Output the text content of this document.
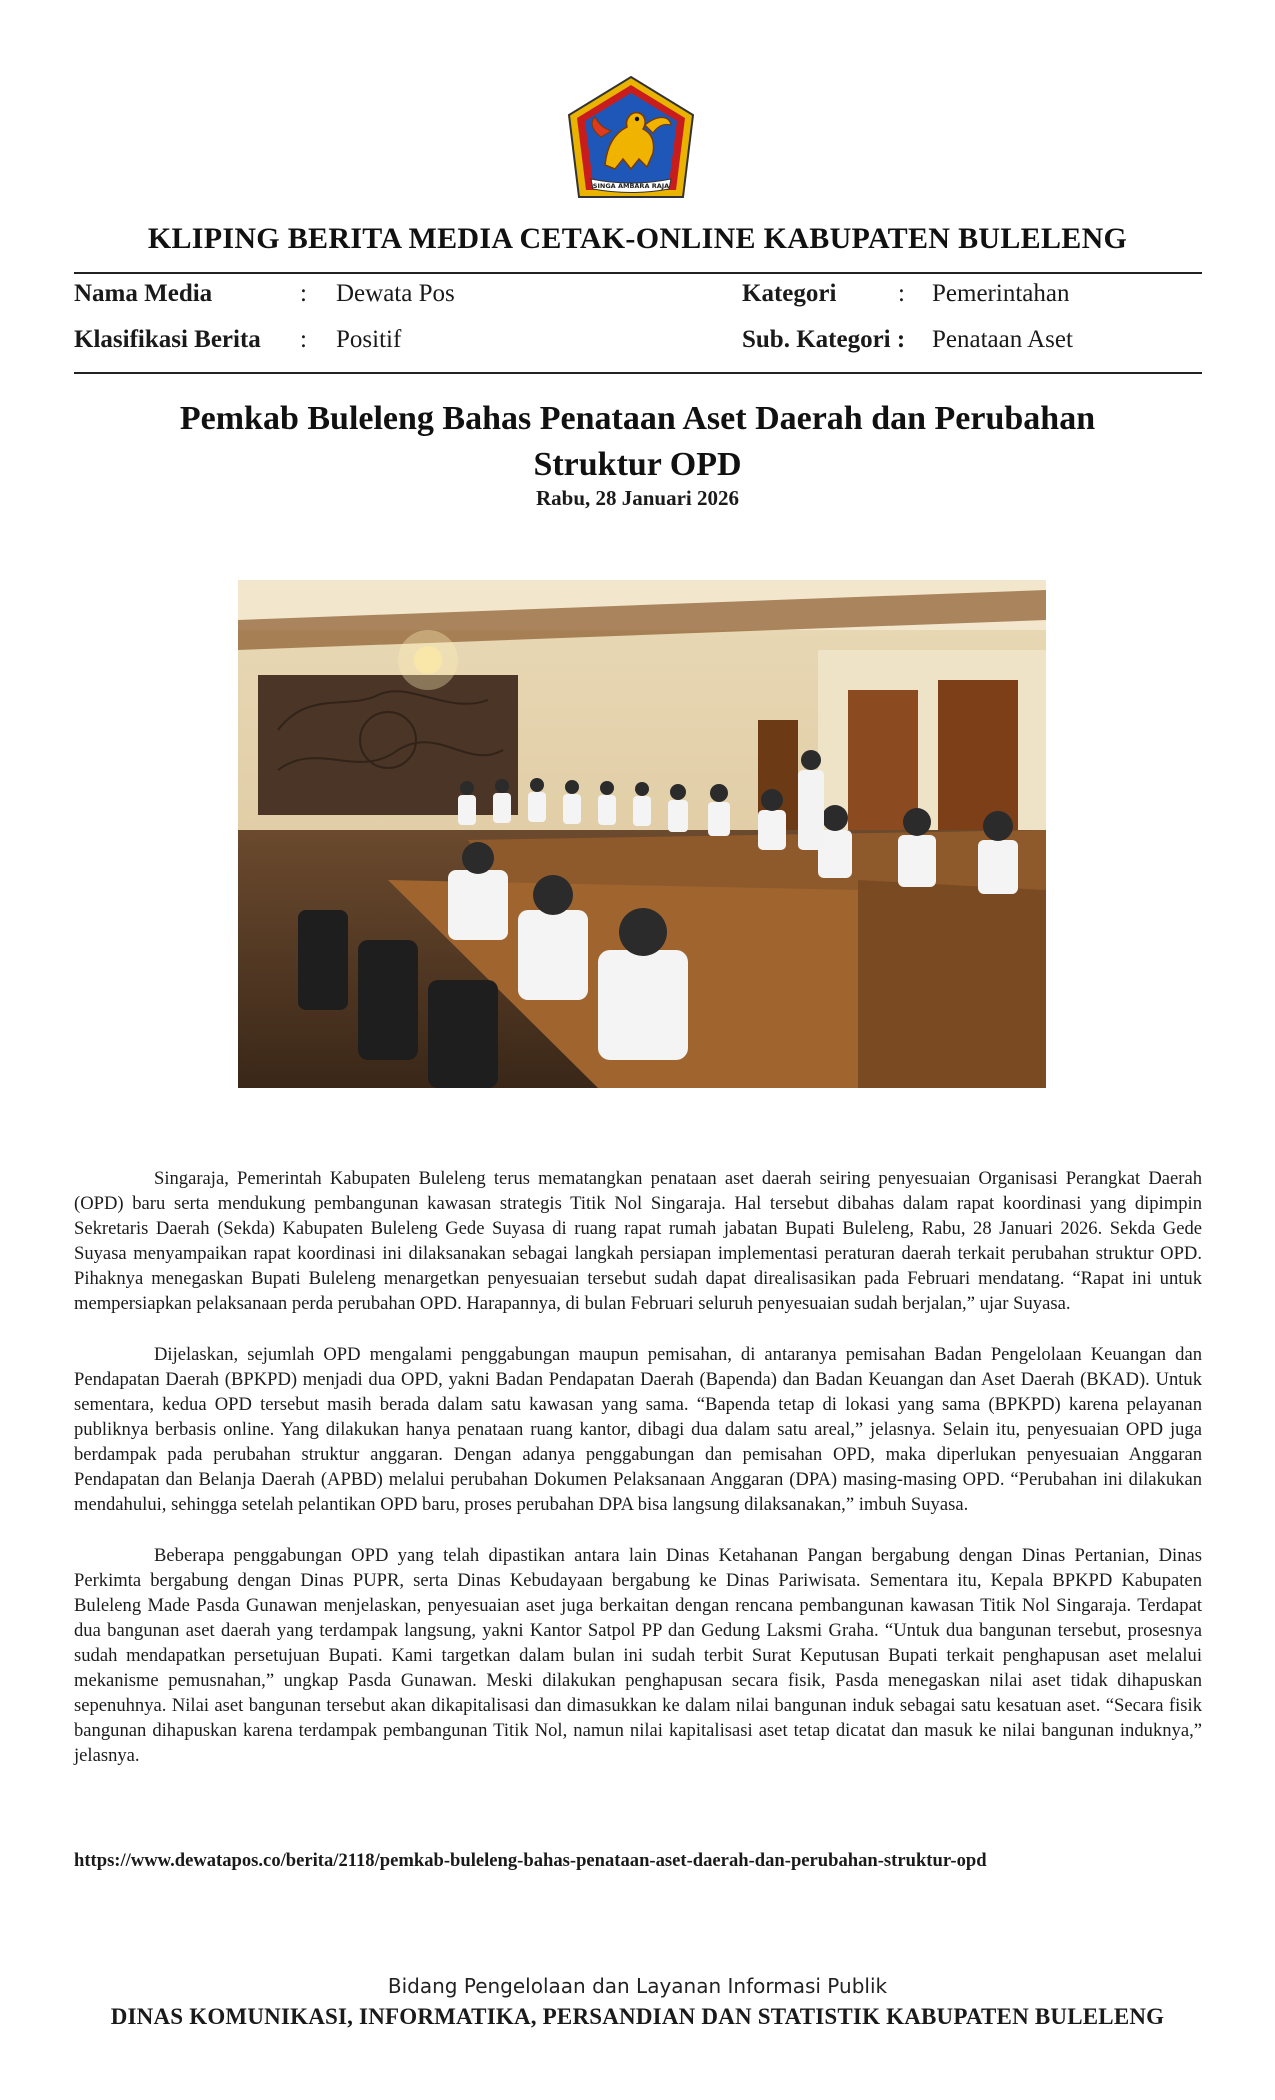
SINGA AMBARA RAJA
KLIPING BERITA MEDIA CETAK-ONLINE KABUPATEN BULELENG
Nama Media	: Dewata Pos	Kategori : Pemerintahan
Klasifikasi Berita : Positif	Sub. Kategori : Penataan Aset
Pemkab Buleleng Bahas Penataan Aset Daerah dan Perubahan
Struktur OPD
Rabu, 28 Januari 2026

Singaraja, Pemerintah Kabupaten Buleleng terus mematangkan penataan aset daerah seiring penyesuaian Organisasi Perangkat Daerah (OPD) baru serta mendukung pembangunan kawasan strategis Titik Nol Singaraja. Hal tersebut dibahas dalam rapat koordinasi yang dipimpin Sekretaris Daerah (Sekda) Kabupaten Buleleng Gede Suyasa di ruang rapat rumah jabatan Bupati Buleleng, Rabu, 28 Januari 2026. Sekda Gede Suyasa menyampaikan rapat koordinasi ini dilaksanakan sebagai langkah persiapan implementasi peraturan daerah terkait perubahan struktur OPD. Pihaknya menegaskan Bupati Buleleng menargetkan penyesuaian tersebut sudah dapat direalisasikan pada Februari mendatang. “Rapat ini untuk mempersiapkan pelaksanaan perda perubahan OPD. Harapannya, di bulan Februari seluruh penyesuaian sudah berjalan,” ujar Suyasa.

Dijelaskan, sejumlah OPD mengalami penggabungan maupun pemisahan, di antaranya pemisahan Badan Pengelolaan Keuangan dan Pendapatan Daerah (BPKPD) menjadi dua OPD, yakni Badan Pendapatan Daerah (Bapenda) dan Badan Keuangan dan Aset Daerah (BKAD). Untuk sementara, kedua OPD tersebut masih berada dalam satu kawasan yang sama. “Bapenda tetap di lokasi yang sama (BPKPD) karena pelayanan publiknya berbasis online. Yang dilakukan hanya penataan ruang kantor, dibagi dua dalam satu areal,” jelasnya. Selain itu, penyesuaian OPD juga berdampak pada perubahan struktur anggaran. Dengan adanya penggabungan dan pemisahan OPD, maka diperlukan penyesuaian Anggaran Pendapatan dan Belanja Daerah (APBD) melalui perubahan Dokumen Pelaksanaan Anggaran (DPA) masing-masing OPD. “Perubahan ini dilakukan mendahului, sehingga setelah pelantikan OPD baru, proses perubahan DPA bisa langsung dilaksanakan,” imbuh Suyasa.

Beberapa penggabungan OPD yang telah dipastikan antara lain Dinas Ketahanan Pangan bergabung dengan Dinas Pertanian, Dinas Perkimta bergabung dengan Dinas PUPR, serta Dinas Kebudayaan bergabung ke Dinas Pariwisata. Sementara itu, Kepala BPKPD Kabupaten Buleleng Made Pasda Gunawan menjelaskan, penyesuaian aset juga berkaitan dengan rencana pembangunan kawasan Titik Nol Singaraja. Terdapat dua bangunan aset daerah yang terdampak langsung, yakni Kantor Satpol PP dan Gedung Laksmi Graha. “Untuk dua bangunan tersebut, prosesnya sudah mendapatkan persetujuan Bupati. Kami targetkan dalam bulan ini sudah terbit Surat Keputusan Bupati terkait penghapusan aset melalui mekanisme pemusnahan,” ungkap Pasda Gunawan. Meski dilakukan penghapusan secara fisik, Pasda menegaskan nilai aset tidak dihapuskan sepenuhnya. Nilai aset bangunan tersebut akan dikapitalisasi dan dimasukkan ke dalam nilai bangunan induk sebagai satu kesatuan aset. “Secara fisik bangunan dihapuskan karena terdampak pembangunan Titik Nol, namun nilai kapitalisasi aset tetap dicatat dan masuk ke nilai bangunan induknya,” jelasnya.

https://www.dewatapos.co/berita/2118/pemkab-buleleng-bahas-penataan-aset-daerah-dan-perubahan-struktur-opd
Bidang Pengelolaan dan Layanan Informasi Publik
DINAS KOMUNIKASI, INFORMATIKA, PERSANDIAN DAN STATISTIK KABUPATEN BULELENG
